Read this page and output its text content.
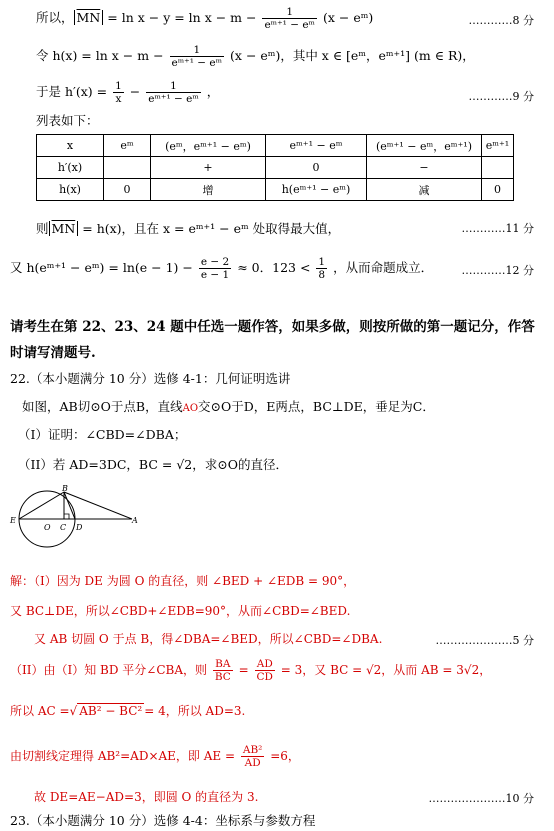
所以， $\overline{MN} = \ln x - y = \ln x - m - \frac{1}{\text{eᵐ⁺¹ − eᵐ}} (x$ − eᵐ)	…………8 分
令 $h(x) = \ln x - m - \frac{1}{\text{eᵐ⁺¹ − eᵐ}} (x$ − eᵐ)，其中 x ∈ [eᵐ，eᵐ⁺¹] (m ∈ R)，
于是 $h'(x) = \frac{1}{x} - \frac{1}{\text{eᵐ⁺¹ − eᵐ}}$ ，	…………9 分
列表如下：
x	eᵐ	(eᵐ，eᵐ⁺¹ − eᵐ)	eᵐ⁺¹ − eᵐ	(eᵐ⁺¹ − eᵐ，eᵐ⁺¹)	eᵐ⁺¹
h′(x)		+	0	−	
h(x)	0	增	h(eᵐ⁺¹ − eᵐ)	减	0
则 $\overline{MN} = h(x)$，且在 x = eᵐ⁺¹ − eᵐ 处取得最大值，	…………11 分
又 h(eᵐ⁺¹ − eᵐ) = $\ln(e - 1) - \frac{e - 2}{e - 1} \approx 0$．$123 < \frac{1}{8}$ ，从而命题成立．	…………12 分
请考生在第 22、23、24 题中任选一题作答，如果多做，则按所做的第一题记分，作答
时请写清题号.
22.（本小题满分 10 分）选修 4-1：几何证明选讲
如图，AB切⊙O于点B，直线AO交⊙O于D，E两点，BC⊥DE，垂足为C．
（I）证明：∠CBD=∠DBA；
（II）若 AD=3DC，BC = √2，求⊙O的直径．
B
E
O C D
A
解：（I）因为 DE 为圆 O 的直径，则 ∠BED + ∠EDB = 90°，
又 BC⊥DE，所以∠CBD+∠EDB=90°，从而∠CBD=∠BED.
又 AB 切圆 O 于点 B，得∠DBA=∠BED，所以∠CBD=∠DBA.	…………………5 分
（II）由（I）知 BD 平分∠CBA，则 $\frac{BA}{BC} = \frac{AD}{CD} = 3$，又 BC = √2，从而 AB = 3√2，
所以 AC =√ AB² − BC² = 4，所以 AD=3.
由切割线定理得 AB²=AD×AE，即 AE = $\frac{\text{AB²}}{AD} =6$，
故 DE=AE−AD=3，即圆 O 的直径为 3.	…………………10 分
23.（本小题满分 10 分）选修 4-4：坐标系与参数方程
